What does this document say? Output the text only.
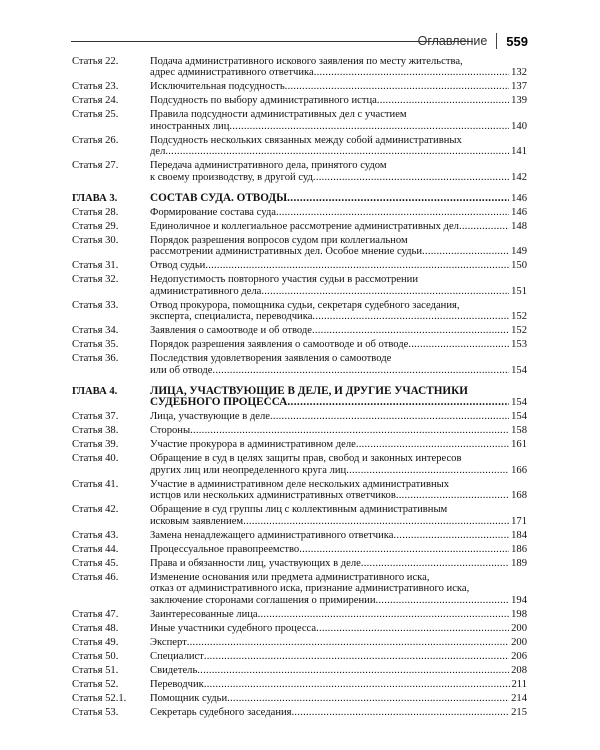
Оглавление 559
Статья 22.	Подача административного искового заявления по месту жительства,
адрес административного ответчика . . .	132
Статья 23.	Исключительная подсудность . . .	137
Статья 24.	Подсудность по выбору административного истца . . .	139
Статья 25.	Правила подсудности административных дел с участием
иностранных лиц . . .	140
Статья 26.	Подсудность нескольких связанных между собой административных
дел . . .	141
Статья 27.	Передача административного дела, принятого судом
к своему производству, в другой суд . . .	142
ГЛАВА 3.	СОСТАВ СУДА. ОТВОДЫ . . .	146
Статья 28.	Формирование состава суда . . .	146
Статья 29.	Единоличное и коллегиальное рассмотрение административных дел . . .	148
Статья 30.	Порядок разрешения вопросов судом при коллегиальном
рассмотрении административных дел. Особое мнение судьи . . .	149
Статья 31.	Отвод судьи . . .	150
Статья 32.	Недопустимость повторного участия судьи в рассмотрении
административного дела . . .	151
Статья 33.	Отвод прокурора, помощника судьи, секретаря судебного заседания,
эксперта, специалиста, переводчика . . .	152
Статья 34.	Заявления о самоотводе и об отводе . . .	152
Статья 35.	Порядок разрешения заявления о самоотводе и об отводе . . .	153
Статья 36.	Последствия удовлетворения заявления о самоотводе
или об отводе . . .	154
ГЛАВА 4.	ЛИЦА, УЧАСТВУЮЩИЕ В ДЕЛЕ, И ДРУГИЕ УЧАСТНИКИ
СУДЕБНОГО ПРОЦЕССА . . .	154
Статья 37.	Лица, участвующие в деле . . .	154
Статья 38.	Стороны . . .	158
Статья 39.	Участие прокурора в административном деле . . .	161
Статья 40.	Обращение в суд в целях защиты прав, свобод и законных интересов
других лиц или неопределенного круга лиц . . .	166
Статья 41.	Участие в административном деле нескольких административных
истцов или нескольких административных ответчиков . . .	168
Статья 42.	Обращение в суд группы лиц с коллективным административным
исковым заявлением . . .	171
Статья 43.	Замена ненадлежащего административного ответчика . . .	184
Статья 44.	Процессуальное правопреемство . . .	186
Статья 45.	Права и обязанности лиц, участвующих в деле . . .	189
Статья 46.	Изменение основания или предмета административного иска,
отказ от административного иска, признание административного иска,
заключение сторонами соглашения о примирении . . .	194
Статья 47.	Заинтересованные лица . . .	198
Статья 48.	Иные участники судебного процесса . . .	200
Статья 49.	Эксперт . . .	200
Статья 50.	Специалист . . .	206
Статья 51.	Свидетель . . .	208
Статья 52.	Переводчик . . .	211
Статья 52.1.	Помощник судьи . . .	214
Статья 53.	Секретарь судебного заседания . . .	215
